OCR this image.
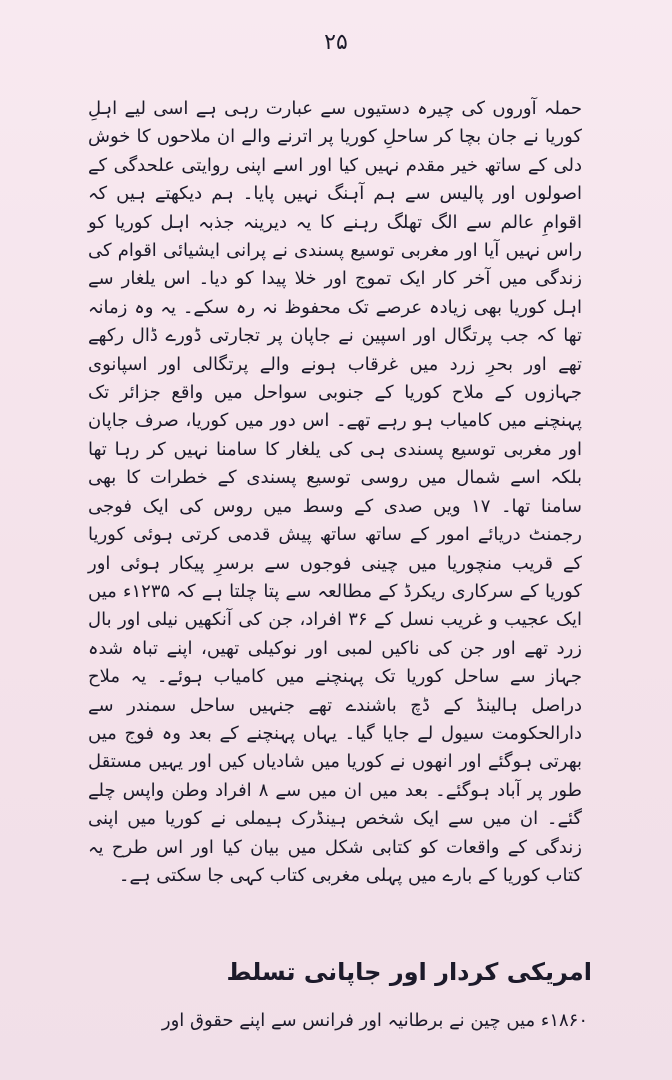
۲۵

حملہ آوروں کی چیرہ دستیوں سے عبارت رہی ہے اسی لیے اہلِ کوریا نے جان بچا کر ساحلِ کوریا پر اترنے والے ان ملاحوں کا خوش دلی کے ساتھ خیر مقدم نہیں کیا اور اسے اپنی روایتی علحدگی کے اصولوں اور پالیس سے ہم آہنگ نہیں پایا۔ ہم دیکھتے ہیں کہ اقوامِ عالم سے الگ تھلگ رہنے کا یہ دیرینہ جذبہ اہل کوریا کو راس نہیں آیا اور مغربی توسیع پسندی نے پرانی ایشیائی اقوام کی زندگی میں آخر کار ایک تموج اور خلا پیدا کو دیا۔ اس یلغار سے اہل کوریا بھی زیادہ عرصے تک محفوظ نہ رہ سکے۔ یہ وہ زمانہ تھا کہ جب پرتگال اور اسپین نے جاپان پر تجارتی ڈورے ڈال رکھے تھے اور بحرِ زرد میں غرقاب ہونے والے پرتگالی اور اسپانوی جہازوں کے ملاح کوریا کے جنوبی سواحل میں واقع جزائر تک پہنچنے میں کامیاب ہو رہے تھے۔ اس دور میں کوریا، صرف جاپان اور مغربی توسیع پسندی ہی کی یلغار کا سامنا نہیں کر رہا تھا بلکہ اسے شمال میں روسی توسیع پسندی کے خطرات کا بھی سامنا تھا۔ ۱۷ ویں صدی کے وسط میں روس کی ایک فوجی رجمنٹ دریائے امور کے ساتھ ساتھ پیش قدمی کرتی ہوئی کوریا کے قریب منچوریا میں چینی فوجوں سے برسرِ پیکار ہوئی اور کوریا کے سرکاری ریکرڈ کے مطالعہ سے پتا چلتا ہے کہ ۱۲۳۵ء میں ایک عجیب و غریب نسل کے ۳۶ افراد، جن کی آنکھیں نیلی اور بال زرد تھے اور جن کی ناکیں لمبی اور نوکیلی تھیں، اپنے تباہ شدہ جہاز سے ساحل کوریا تک پہنچنے میں کامیاب ہوئے۔ یہ ملاح دراصل ہالینڈ کے ڈچ باشندے تھے جنہیں ساحل سمندر سے دارالحکومت سیول لے جایا گیا۔ یہاں پہنچنے کے بعد وہ فوج میں بھرتی ہوگئے اور انھوں نے کوریا میں شادیاں کیں اور یہیں مستقل طور پر آباد ہوگئے۔ بعد میں ان میں سے ۸ افراد وطن واپس چلے گئے۔ ان میں سے ایک شخص ہینڈرک ہیملی نے کوریا میں اپنی زندگی کے واقعات کو کتابی شکل میں بیان کیا اور اس طرح یہ کتاب کوریا کے بارے میں پہلی مغربی کتاب کہی جا سکتی ہے۔

امریکی کردار اور جاپانی تسلط
۱۸۶۰ء میں چین نے برطانیہ اور فرانس سے اپنے حقوق اور
